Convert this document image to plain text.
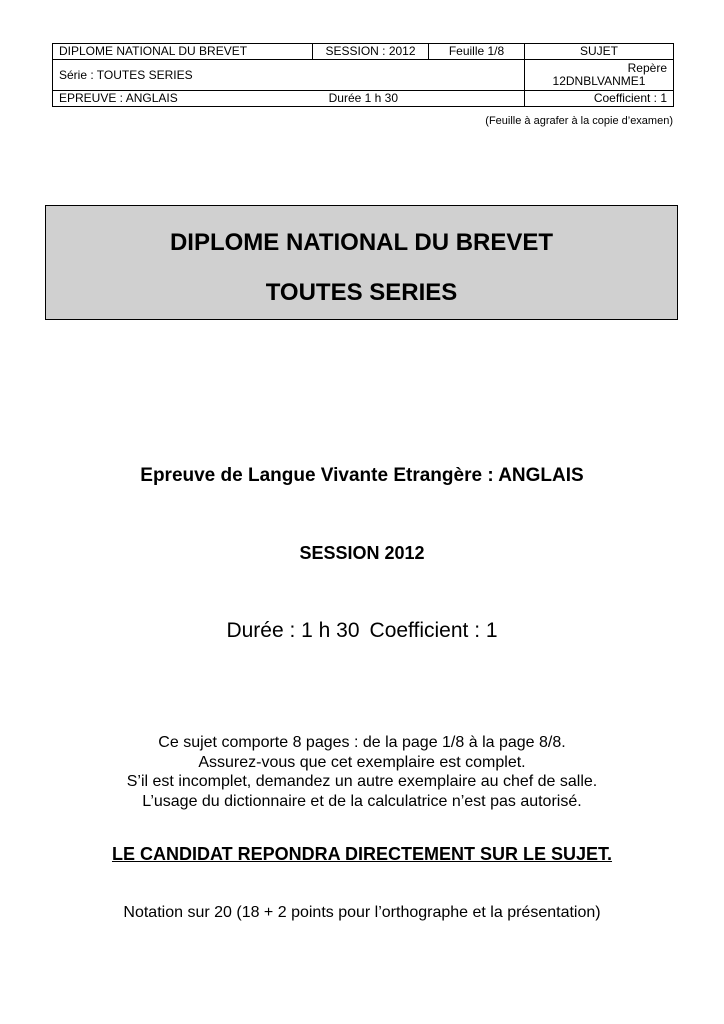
DIPLOME NATIONAL DU BREVET	SESSION : 2012	Feuille 1/8	SUJET
Série : TOUTES SERIES			Repère
12DNBLVANME1

EPREUVE : ANGLAIS Durée 1 h 30			Coefficient : 1
(Feuille à agrafer à la copie d’examen)
DIPLOME NATIONAL DU BREVET
TOUTES SERIES
Epreuve de Langue Vivante Etrangère : ANGLAIS
SESSION 2012
Durée : 1 h 30 Coefficient : 1
Ce sujet comporte 8 pages : de la page 1/8 à la page 8/8.
Assurez-vous que cet exemplaire est complet.
S’il est incomplet, demandez un autre exemplaire au chef de salle.
L’usage du dictionnaire et de la calculatrice n’est pas autorisé.
LE CANDIDAT REPONDRA DIRECTEMENT SUR LE SUJET.
Notation sur 20 (18 + 2 points pour l’orthographe et la présentation)
